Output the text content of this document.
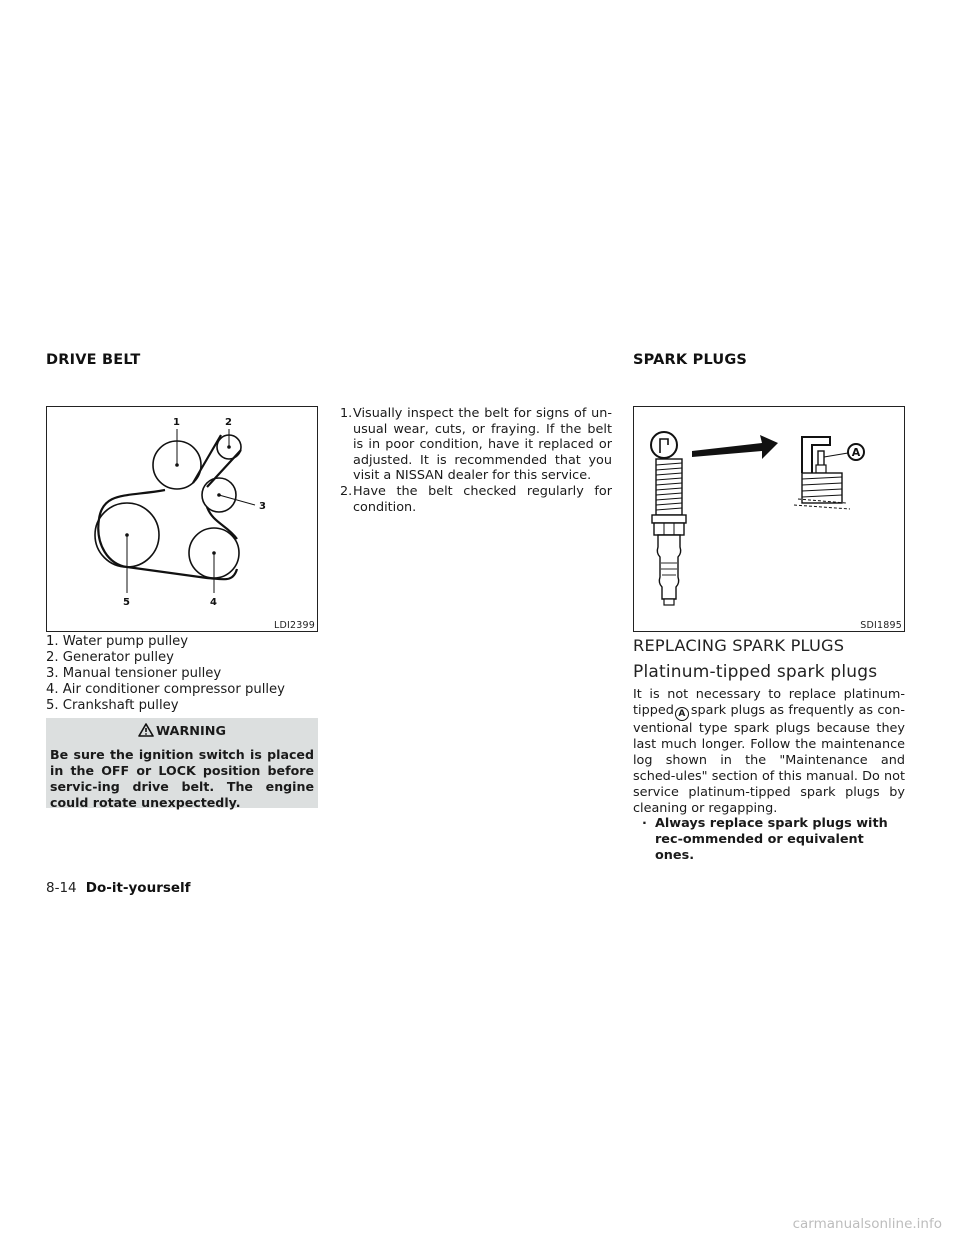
DRIVE BELT	SPARK PLUGS
1	2
3
4
5
LDI2399
1. Water pump pulley
2. Generator pulley
3. Manual tensioner pulley
4. Air conditioner compressor pulley
5. Crankshaft pulley
WARNING
Be sure the ignition switch is placed in the OFF or LOCK position before servic-ing drive belt. The engine could rotate unexpectedly.
1. Visually inspect the belt for signs of un-usual wear, cuts, or fraying. If the belt is in poor condition, have it replaced or adjusted. It is recommended that you visit a NISSAN dealer for this service.
2. Have the belt checked regularly for condition.
A
SDI1895
REPLACING SPARK PLUGS
Platinum-tipped spark plugs
It is not necessary to replace platinum-tipped A spark plugs as frequently as con-ventional type spark plugs because they last much longer. Follow the maintenance log shown in the "Maintenance and sched-ules" section of this manual. Do not service platinum-tipped spark plugs by cleaning or regapping.
· Always replace spark plugs with rec-ommended or equivalent ones.
8-14 Do-it-yourself
carmanualsonline.info
